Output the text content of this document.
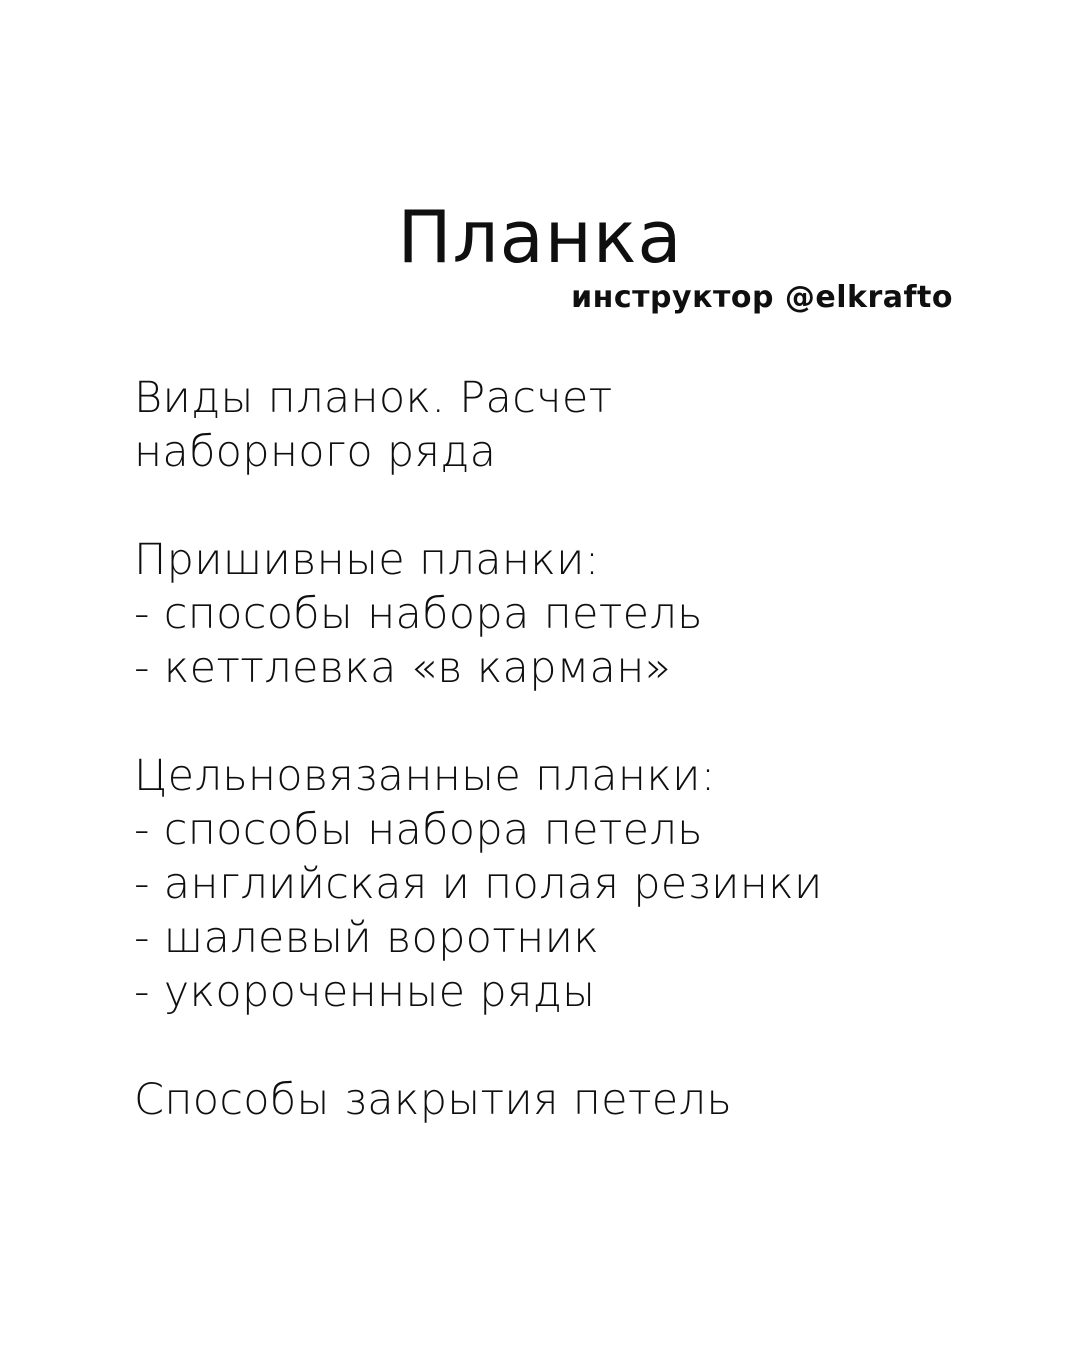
Планка
инструктор @elkrafto
Виды планок. Расчет наборного ряда
Пришивные планки:
- способы набора петель
- кеттлевка «в карман»
Цельновязанные планки:
- способы набора петель
- английская и полая резинки
- шалевый воротник
- укороченные ряды
Способы закрытия петель
